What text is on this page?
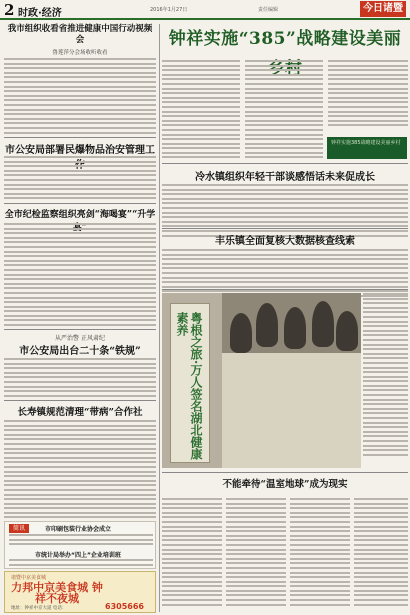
2 时政·经济	2016年1月27日	责任编辑	今日诸暨
我市组织收看省推进健康中国行动视频会
鲁莲萍分会场收听收看
市公安局部署民爆物品治安管理工
全市纪检监察组织亮剑“海喝宴”“升学
从严治警 正风肃纪
市公安局出台二十条“铁规”
长寿镇规范清理“带病”合作社
简讯	市印刷包装行业协会成立
市统计局举办“四上”企业培训班
诸暨中京美食城
力邦中京美食城 钟祥不夜城
6305666
地址：钟祥中京大道 电话：
钟祥实施“385”战略建设美丽
钟祥实施385战略建设美丽乡村
冷水镇组织年轻干部谈感悟话未来促成长
丰乐镇全面复核大数据核查线索
粤根之旅·万人签名湖北健康素养
不能牵待“温室地球”成为现实
